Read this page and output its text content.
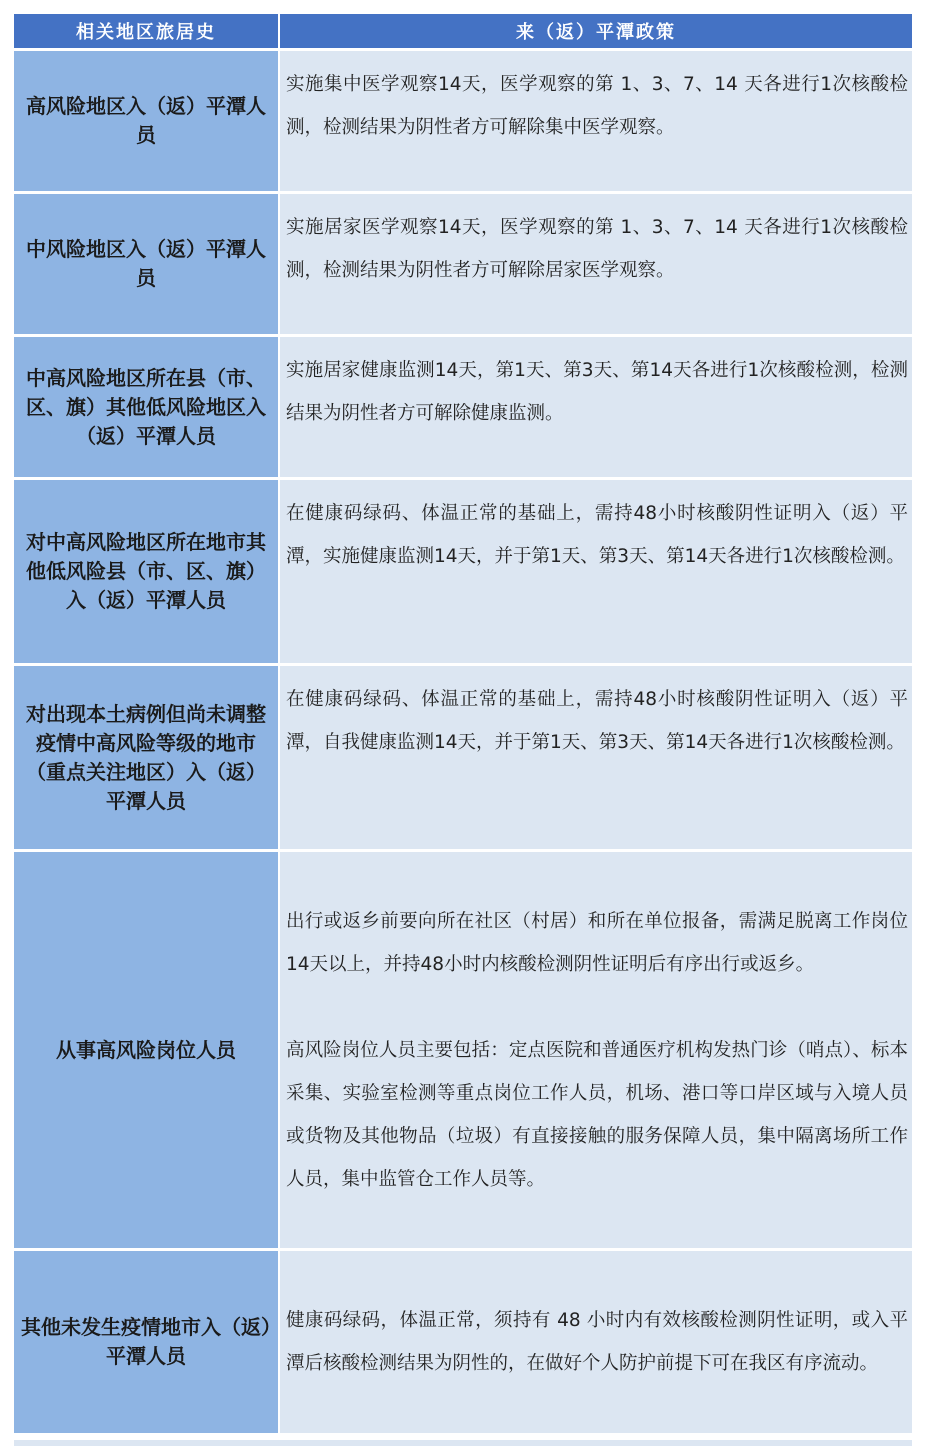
相关地区旅居史	来（返）平潭政策
高风险地区入（返）平潭人员

实施集中医学观察14天，医学观察的第 1、3、7、14 天各进行1次核酸检测，检测结果为阴性者方可解除集中医学观察。

中风险地区入（返）平潭人员

实施居家医学观察14天，医学观察的第 1、3、7、14 天各进行1次核酸检测，检测结果为阴性者方可解除居家医学观察。

中高风险地区所在县（市、区、旗）其他低风险地区入 （返）平潭人员

实施居家健康监测14天，第1天、第3天、第14天各进行1次核酸检测，检测结果为阴性者方可解除健康监测。

对中高风险地区所在地市其他低风险县（市、区、旗） 入（返）平潭人员

在健康码绿码、体温正常的基础上，需持48小时核酸阴性证明入（返）平潭，实施健康监测14天，并于第1天、第3天、第14天各进行1次核酸检测。

对出现本土病例但尚未调整疫情中高风险等级的地市（重点关注地区）入（返）平潭人员

在健康码绿码、体温正常的基础上，需持48小时核酸阴性证明入（返）平潭，自我健康监测14天，并于第1天、第3天、第14天各进行1次核酸检测。

从事高风险岗位人员

出行或返乡前要向所在社区（村居）和所在单位报备，需满足脱离工作岗位14天以上，并持48小时内核酸检测阴性证明后有序出行或返乡。

高风险岗位人员主要包括：定点医院和普通医疗机构发热门诊（哨点）、标本采集、实验室检测等重点岗位工作人员，机场、港口等口岸区域与入境人员或货物及其他物品（垃圾）有直接接触的服务保障人员，集中隔离场所工作人员，集中监管仓工作人员等。

其他未发生疫情地市入（返）平潭人员

健康码绿码，体温正常，须持有 48 小时内有效核酸检测阴性证明，或入平潭后核酸检测结果为阴性的，在做好个人防护前提下可在我区有序流动。
